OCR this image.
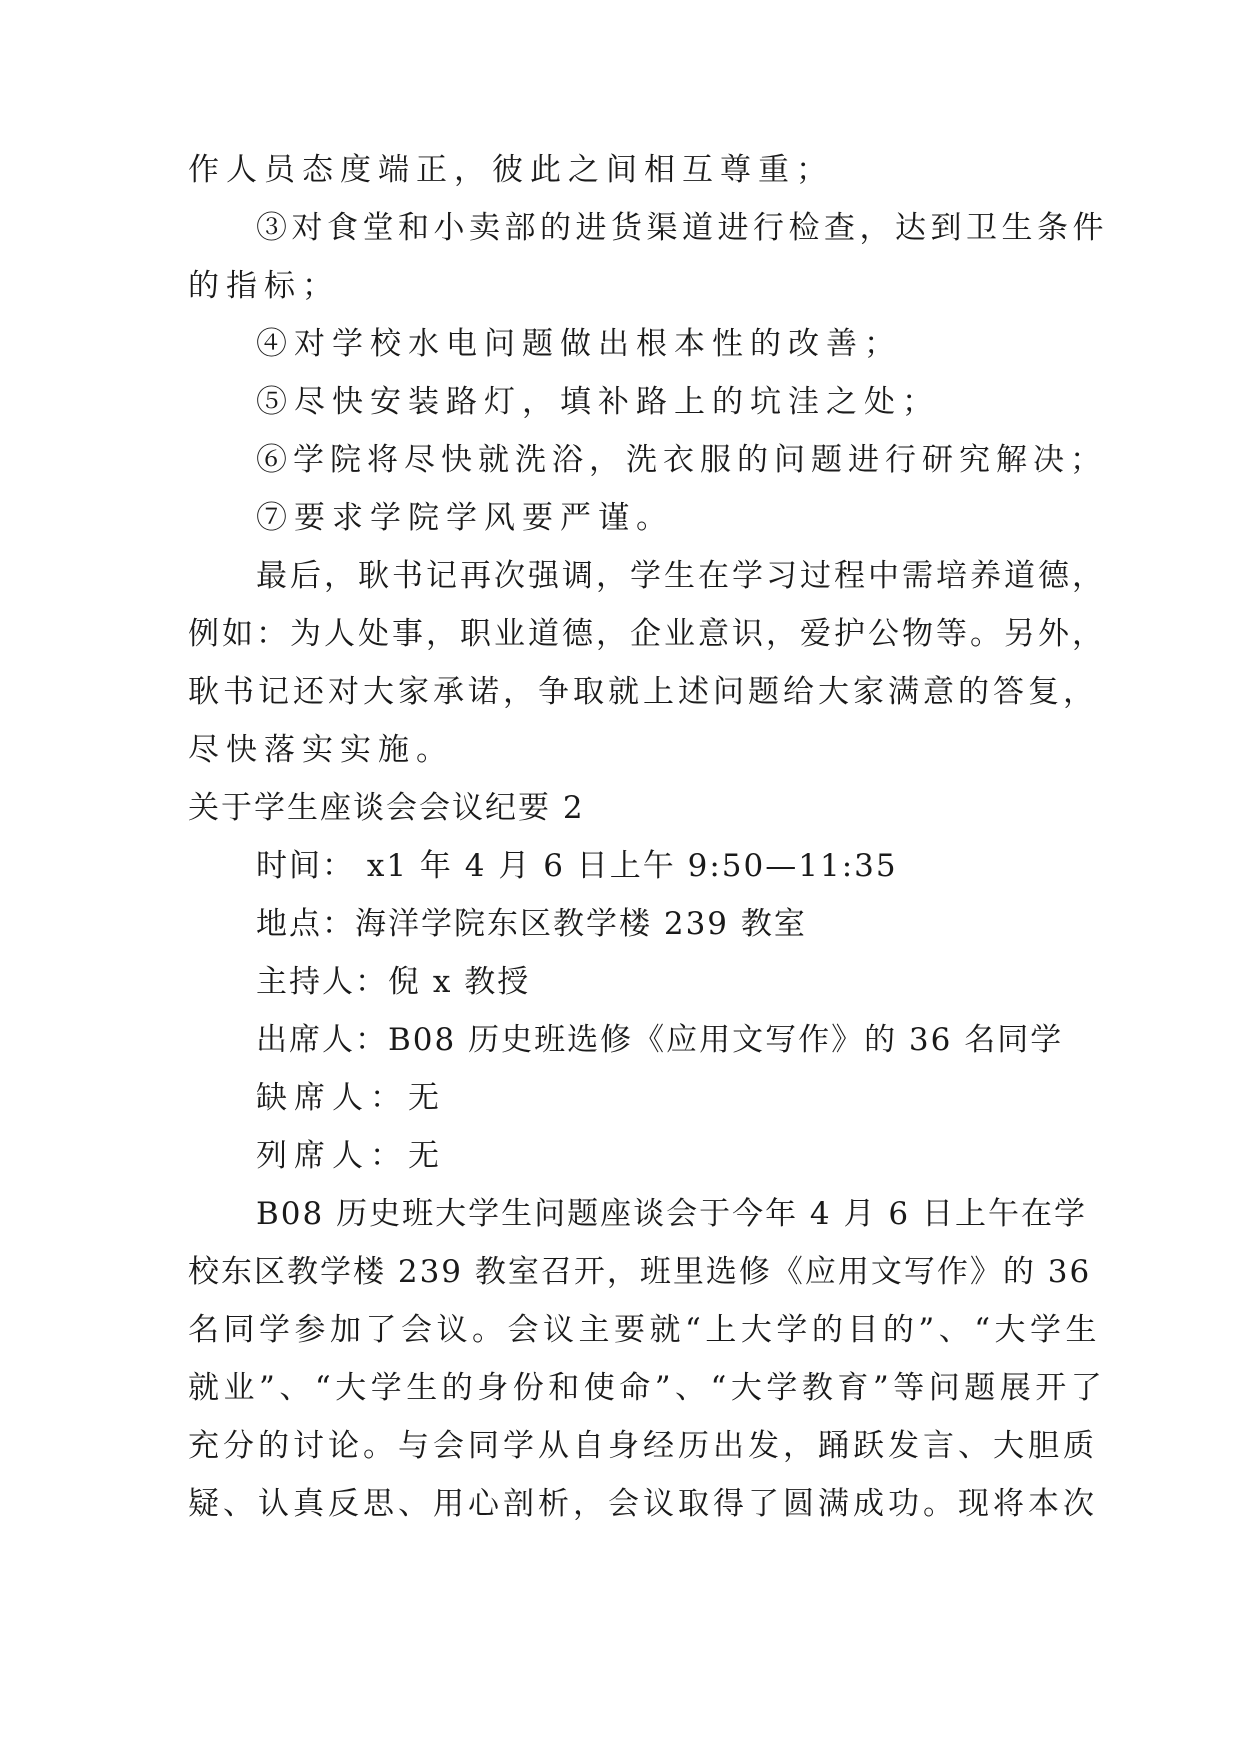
作人员态度端正，彼此之间相互尊重；

③对食堂和小卖部的进货渠道进行检查，达到卫生条件

的指标；

④对学校水电问题做出根本性的改善；

⑤尽快安装路灯，填补路上的坑洼之处；

⑥学院将尽快就洗浴，洗衣服的问题进行研究解决；

⑦要求学院学风要严谨。

最后，耿书记再次强调，学生在学习过程中需培养道德，

例如：为人处事，职业道德，企业意识，爱护公物等。另外，

耿书记还对大家承诺，争取就上述问题给大家满意的答复，

尽快落实实施。

关于学生座谈会会议纪要 2

时间： x1 年 4 月 6 日上午 9:50—11:35

地点：海洋学院东区教学楼 239 教室

主持人：倪 x 教授

出席人：B08 历史班选修《应用文写作》的 36 名同学

缺席人：无

列席人：无

B08 历史班大学生问题座谈会于今年 4 月 6 日上午在学

校东区教学楼 239 教室召开，班里选修《应用文写作》的 36

名同学参加了会议。会议主要就“上大学的目的”、“大学生

就业”、“大学生的身份和使命”、“大学教育”等问题展开了

充分的讨论。与会同学从自身经历出发，踊跃发言、大胆质

疑、认真反思、用心剖析，会议取得了圆满成功。现将本次
